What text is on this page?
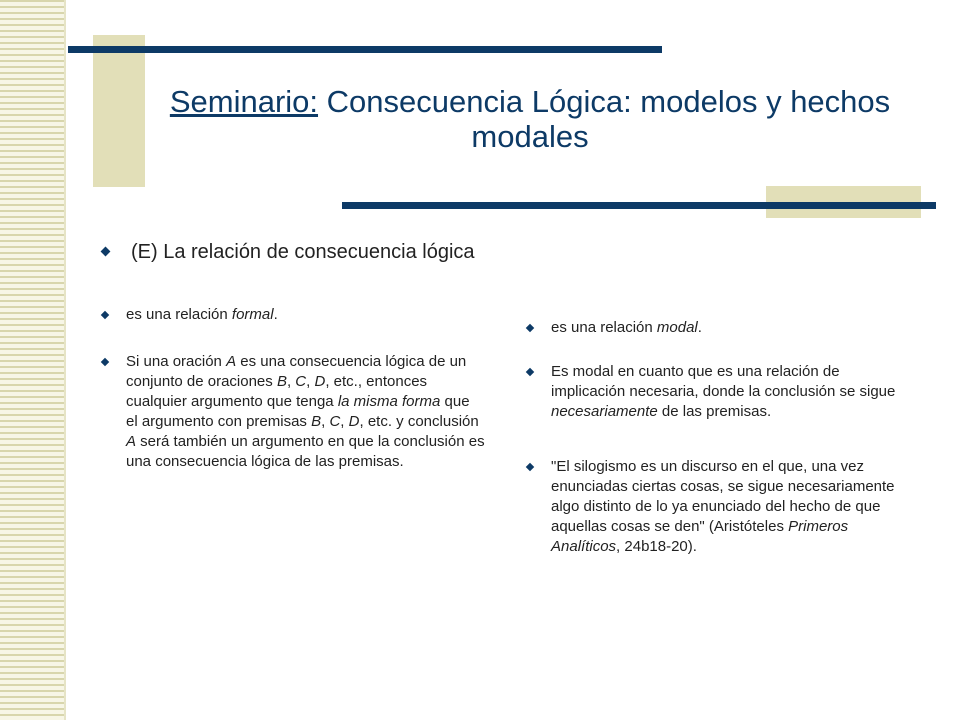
Seminario: Consecuencia Lógica: modelos y hechos modales
(E) La relación de consecuencia lógica
es una relación formal.
Si una oración A es una consecuencia lógica de un conjunto de oraciones B, C, D, etc., entonces cualquier argumento que tenga la misma forma que el argumento con premisas B, C, D, etc. y conclusión A será también un argumento en que la conclusión es una consecuencia lógica de las premisas.
es una relación modal.
Es modal en cuanto que es una relación de implicación necesaria, donde la conclusión se sigue necesariamente de las premisas.
"El silogismo es un discurso en el que, una vez enunciadas ciertas cosas, se sigue necesariamente algo distinto de lo ya enunciado del hecho de que aquellas cosas se den" (Aristóteles Primeros Analíticos, 24b18-20).
